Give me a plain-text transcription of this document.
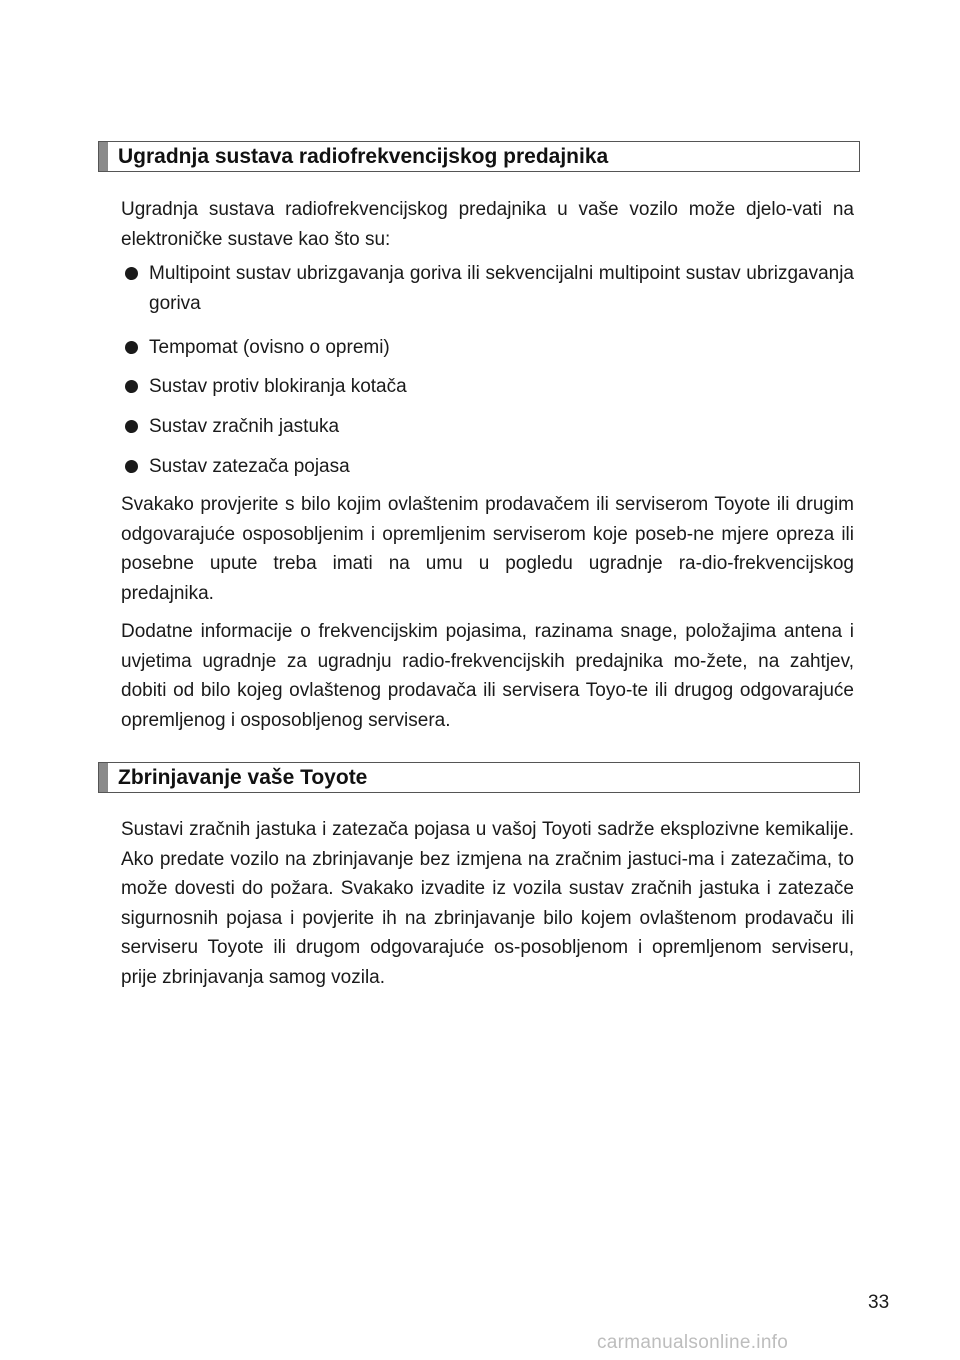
Ugradnja sustava radiofrekvencijskog predajnika
Ugradnja sustava radiofrekvencijskog predajnika u vaše vozilo može djelo-vati na elektroničke sustave kao što su:
Multipoint sustav ubrizgavanja goriva ili sekvencijalni multipoint sustav ubrizgavanja goriva
Tempomat (ovisno o opremi)
Sustav protiv blokiranja kotača
Sustav zračnih jastuka
Sustav zatezača pojasa
Svakako provjerite s bilo kojim ovlaštenim prodavačem ili serviserom Toyote ili drugim odgovarajuće osposobljenim i opremljenim serviserom koje poseb-ne mjere opreza ili posebne upute treba imati na umu u pogledu ugradnje ra-dio-frekvencijskog predajnika.
Dodatne informacije o frekvencijskim pojasima, razinama snage, položajima antena i uvjetima ugradnje za ugradnju radio-frekvencijskih predajnika mo-žete, na zahtjev, dobiti od bilo kojeg ovlaštenog prodavača ili servisera Toyo-te ili drugog odgovarajuće opremljenog i osposobljenog servisera.
Zbrinjavanje vaše Toyote
Sustavi zračnih jastuka i zatezača pojasa u vašoj Toyoti sadrže eksplozivne kemikalije. Ako predate vozilo na zbrinjavanje bez izmjena na zračnim jastuci-ma i zatezačima, to može dovesti do požara. Svakako izvadite iz vozila sustav zračnih jastuka i zatezače sigurnosnih pojasa i povjerite ih na zbrinjavanje bilo kojem ovlaštenom prodavaču ili serviseru Toyote ili drugom odgovarajuće os-posobljenom i opremljenom serviseru, prije zbrinjavanja samog vozila.
33
carmanualsonline.info
